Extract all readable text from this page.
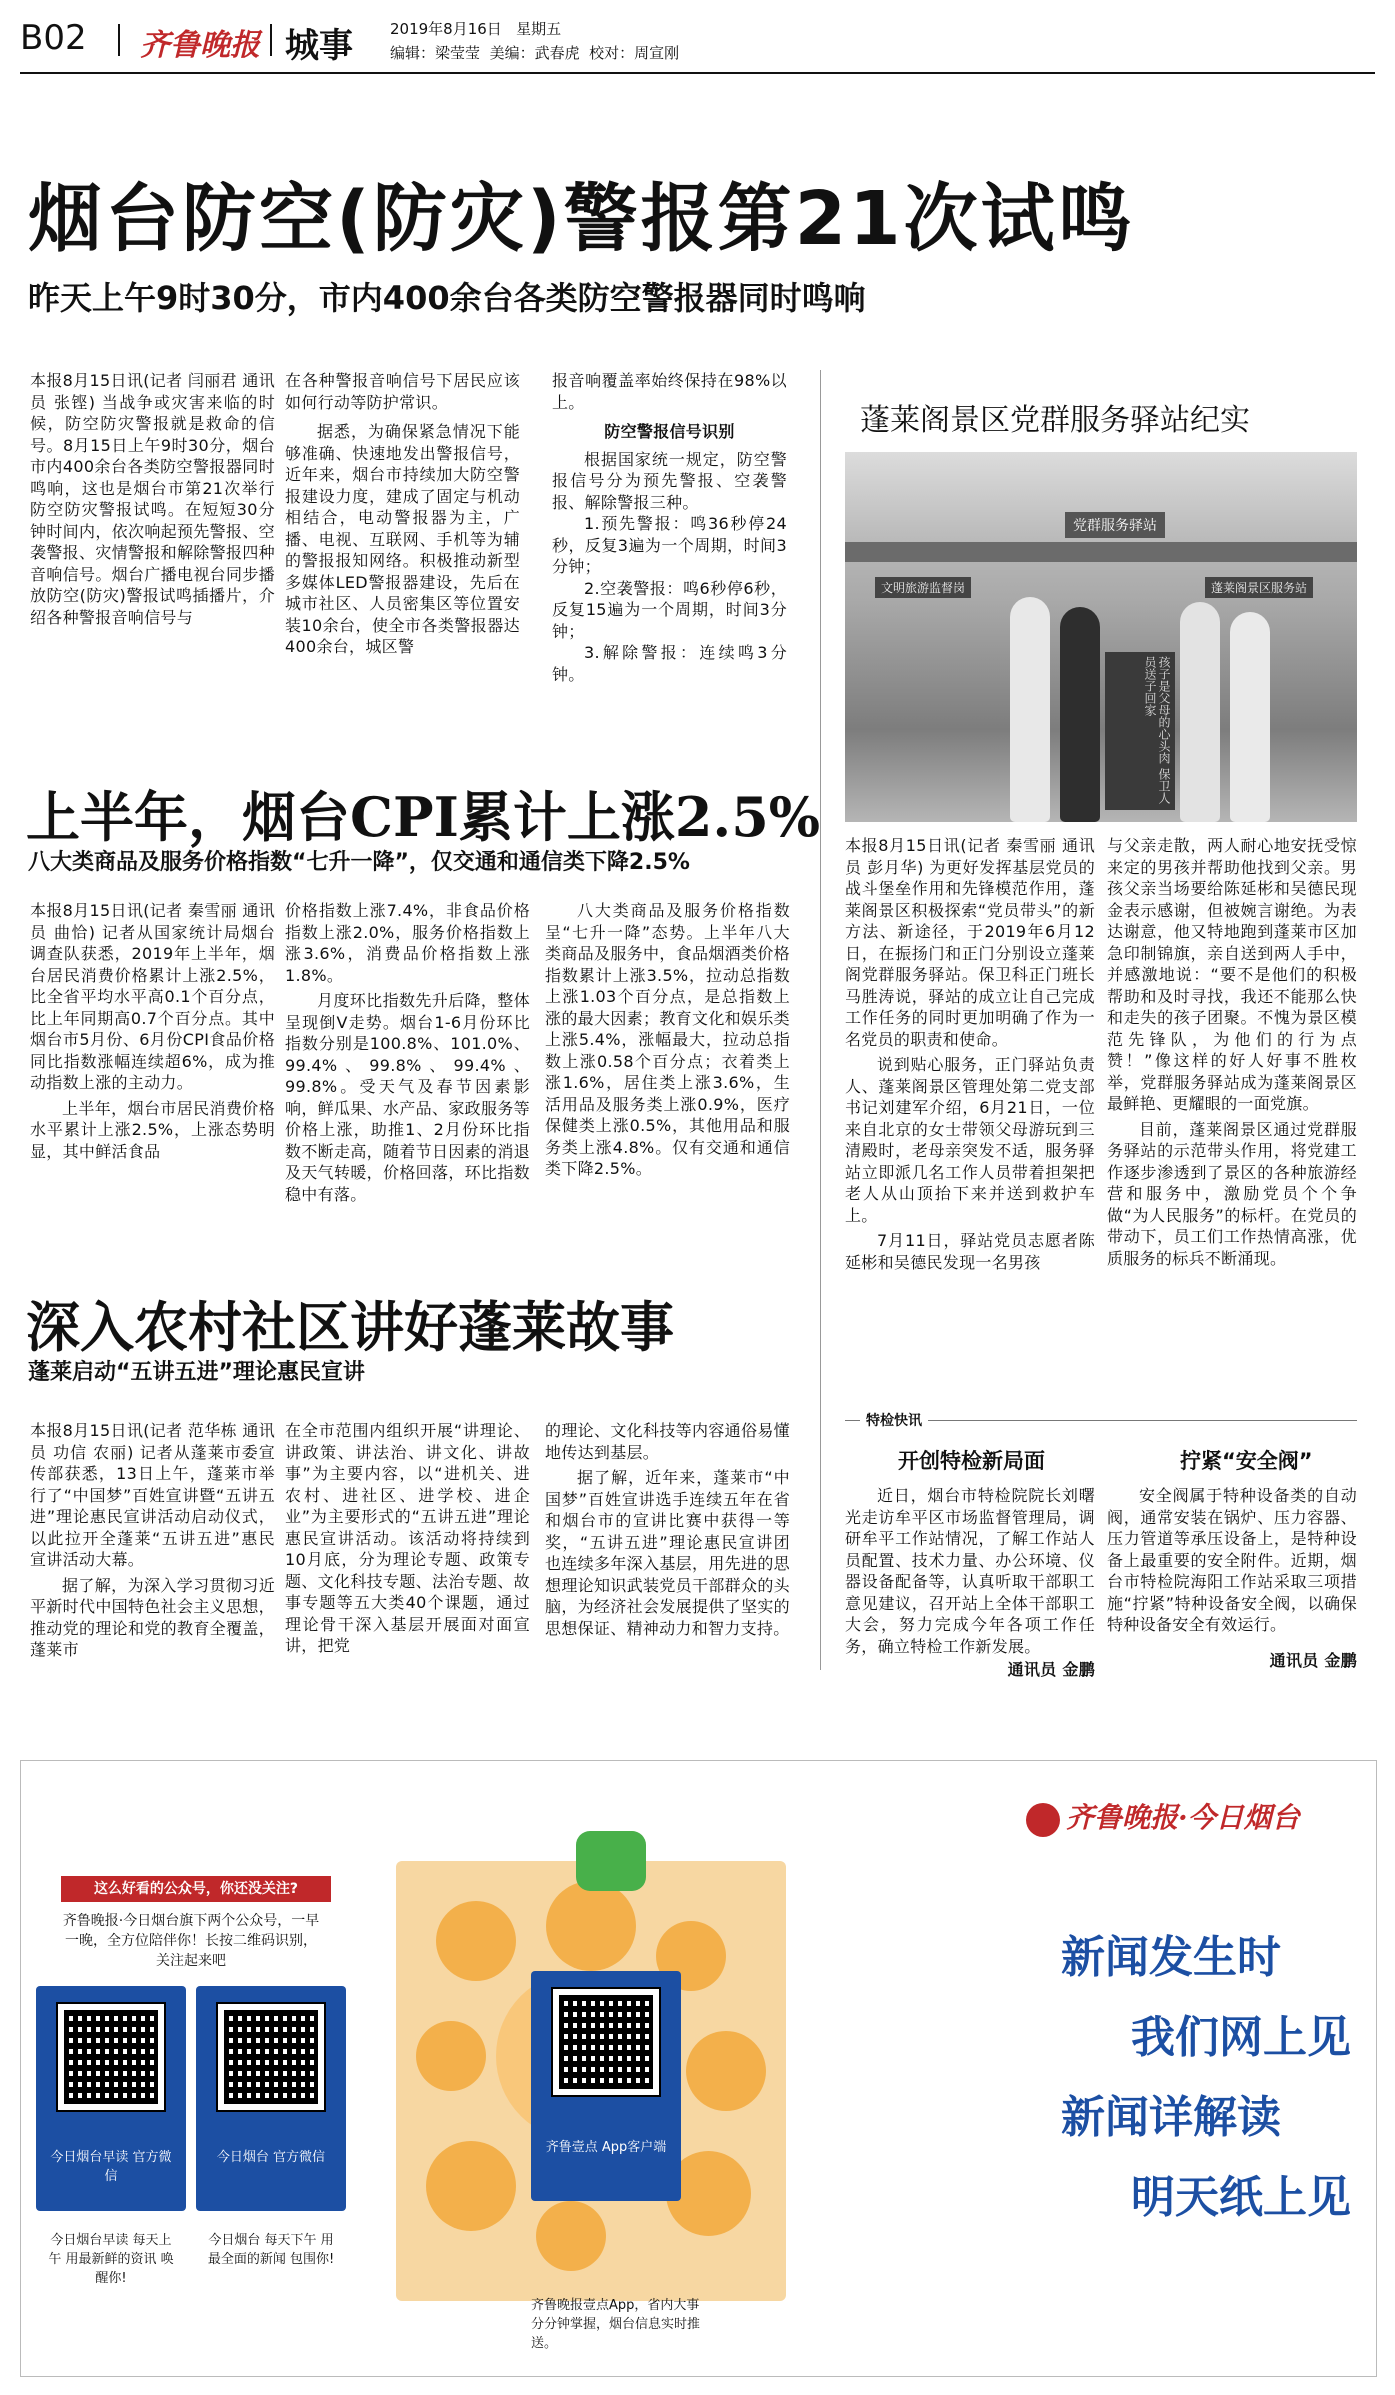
B02 齐鲁晚报 城事 2019年8月16日 星期五
编辑：梁莹莹 美编：武春虎 校对：周宣刚
烟台防空(防灾)警报第21次试鸣
昨天上午9时30分，市内400余台各类防空警报器同时鸣响

本报8月15日讯(记者 闫丽君 通讯员 张铿) 当战争或灾害来临的时候，防空防灾警报就是救命的信号。8月15日上午9时30分，烟台市内400余台各类防空警报器同时鸣响，这也是烟台市第21次举行防空防灾警报试鸣。在短短30分钟时间内，依次响起预先警报、空袭警报、灾情警报和解除警报四种音响信号。烟台广播电视台同步播放防空(防灾)警报试鸣插播片，介绍各种警报音响信号与

在各种警报音响信号下居民应该如何行动等防护常识。

据悉，为确保紧急情况下能够准确、快速地发出警报信号，近年来，烟台市持续加大防空警报建设力度，建成了固定与机动相结合，电动警报器为主，广播、电视、互联网、手机等为辅的警报报知网络。积极推动新型多媒体LED警报器建设，先后在城市社区、人员密集区等位置安装10余台，使全市各类警报器达400余台，城区警

报音响覆盖率始终保持在98%以上。

防空警报信号识别

根据国家统一规定，防空警报信号分为预先警报、空袭警报、解除警报三种。

1.预先警报：鸣36秒停24秒，反复3遍为一个周期，时间3分钟；

2.空袭警报：鸣6秒停6秒，反复15遍为一个周期，时间3分钟；

3.解除警报：连续鸣3分钟。

上半年，烟台CPI累计上涨2.5%
八大类商品及服务价格指数“七升一降”，仅交通和通信类下降2.5%

本报8月15日讯(记者 秦雪丽 通讯员 曲恰) 记者从国家统计局烟台调查队获悉，2019年上半年，烟台居民消费价格累计上涨2.5%，比全省平均水平高0.1个百分点，比上年同期高0.7个百分点。其中烟台市5月份、6月份CPI食品价格同比指数涨幅连续超6%，成为推动指数上涨的主动力。

上半年，烟台市居民消费价格水平累计上涨2.5%，上涨态势明显，其中鲜活食品

价格指数上涨7.4%，非食品价格指数上涨2.0%，服务价格指数上涨3.6%，消费品价格指数上涨1.8%。

月度环比指数先升后降，整体呈现倒V走势。烟台1-6月份环比指数分别是100.8%、101.0%、99.4%、99.8%、99.4%、99.8%。受天气及春节因素影响，鲜瓜果、水产品、家政服务等价格上涨，助推1、2月份环比指数不断走高，随着节日因素的消退及天气转暖，价格回落，环比指数稳中有落。

八大类商品及服务价格指数呈“七升一降”态势。上半年八大类商品及服务中，食品烟酒类价格指数累计上涨3.5%，拉动总指数上涨1.03个百分点，是总指数上涨的最大因素；教育文化和娱乐类上涨5.4%，涨幅最大，拉动总指数上涨0.58个百分点；衣着类上涨1.6%，居住类上涨3.6%，生活用品及服务类上涨0.9%，医疗保健类上涨0.5%，其他用品和服务类上涨4.8%。仅有交通和通信类下降2.5%。

深入农村社区讲好蓬莱故事
蓬莱启动“五讲五进”理论惠民宣讲

本报8月15日讯(记者 范华栋 通讯员 功信 农丽) 记者从蓬莱市委宣传部获悉，13日上午，蓬莱市举行了“中国梦”百姓宣讲暨“五讲五进”理论惠民宣讲活动启动仪式，以此拉开全蓬莱“五讲五进”惠民宣讲活动大幕。

据了解，为深入学习贯彻习近平新时代中国特色社会主义思想，推动党的理论和党的教育全覆盖，蓬莱市

在全市范围内组织开展“讲理论、讲政策、讲法治、讲文化、讲故事”为主要内容，以“进机关、进农村、进社区、进学校、进企业”为主要形式的“五讲五进”理论惠民宣讲活动。该活动将持续到10月底，分为理论专题、政策专题、文化科技专题、法治专题、故事专题等五大类40个课题，通过理论骨干深入基层开展面对面宣讲，把党

的理论、文化科技等内容通俗易懂地传达到基层。

据了解，近年来，蓬莱市“中国梦”百姓宣讲选手连续五年在省和烟台市的宣讲比赛中获得一等奖，“五讲五进”理论惠民宣讲团也连续多年深入基层，用先进的思想理论知识武装党员干部群众的头脑，为经济社会发展提供了坚实的思想保证、精神动力和智力支持。

蓬莱阁景区党群服务驿站纪实
文明旅游监督岗
党群服务驿站
蓬莱阁景区服务站
孩子是父母的心头肉 保卫人员送子回家

本报8月15日讯(记者 秦雪丽 通讯员 彭月华) 为更好发挥基层党员的战斗堡垒作用和先锋模范作用，蓬莱阁景区积极探索“党员带头”的新方法、新途径，于2019年6月12日，在振扬门和正门分别设立蓬莱阁党群服务驿站。保卫科正门班长马胜涛说，驿站的成立让自己完成工作任务的同时更加明确了作为一名党员的职责和使命。

说到贴心服务，正门驿站负责人、蓬莱阁景区管理处第二党支部书记刘建军介绍，6月21日，一位来自北京的女士带领父母游玩到三清殿时，老母亲突发不适，服务驿站立即派几名工作人员带着担架把老人从山顶抬下来并送到救护车上。

7月11日，驿站党员志愿者陈延彬和吴德民发现一名男孩

与父亲走散，两人耐心地安抚受惊来定的男孩并帮助他找到父亲。男孩父亲当场要给陈延彬和吴德民现金表示感谢，但被婉言谢绝。为表达谢意，他又特地跑到蓬莱市区加急印制锦旗，亲自送到两人手中，并感激地说：“要不是他们的积极帮助和及时寻找，我还不能那么快和走失的孩子团聚。不愧为景区模范先锋队，为他们的行为点赞！”像这样的好人好事不胜枚举，党群服务驿站成为蓬莱阁景区最鲜艳、更耀眼的一面党旗。

目前，蓬莱阁景区通过党群服务驿站的示范带头作用，将党建工作逐步渗透到了景区的各种旅游经营和服务中，激励党员个个争做“为人民服务”的标杆。在党员的带动下，员工们工作热情高涨，优质服务的标兵不断涌现。

特检快讯
开创特检新局面

近日，烟台市特检院院长刘曙光走访牟平区市场监督管理局，调研牟平工作站情况，了解工作站人员配置、技术力量、办公环境、仪器设备配备等，认真听取干部职工意见建议，召开站上全体干部职工大会，努力完成今年各项工作任务，确立特检工作新发展。

通讯员 金鹏

拧紧“安全阀”

安全阀属于特种设备类的自动阀，通常安装在锅炉、压力容器、压力管道等承压设备上，是特种设备上最重要的安全附件。近期，烟台市特检院海阳工作站采取三项措施“拧紧”特种设备安全阀，以确保特种设备安全有效运行。

通讯员 金鹏

这么好看的公众号，你还没关注?
齐鲁晚报·今日烟台旗下两个公众号，一早一晚，全方位陪伴你！长按二维码识别，关注起来吧
今日烟台早读 官方微信
今日烟台 官方微信
今日烟台早读 每天上午 用最新鲜的资讯 唤醒你!
今日烟台 每天下午 用最全面的新闻 包围你!
齐鲁壹点 App客户端
齐鲁晚报壹点App，省内大事分分钟掌握，烟台信息实时推送。
齐鲁晚报·今日烟台
新闻发生时
我们网上见
新闻详解读
明天纸上见
